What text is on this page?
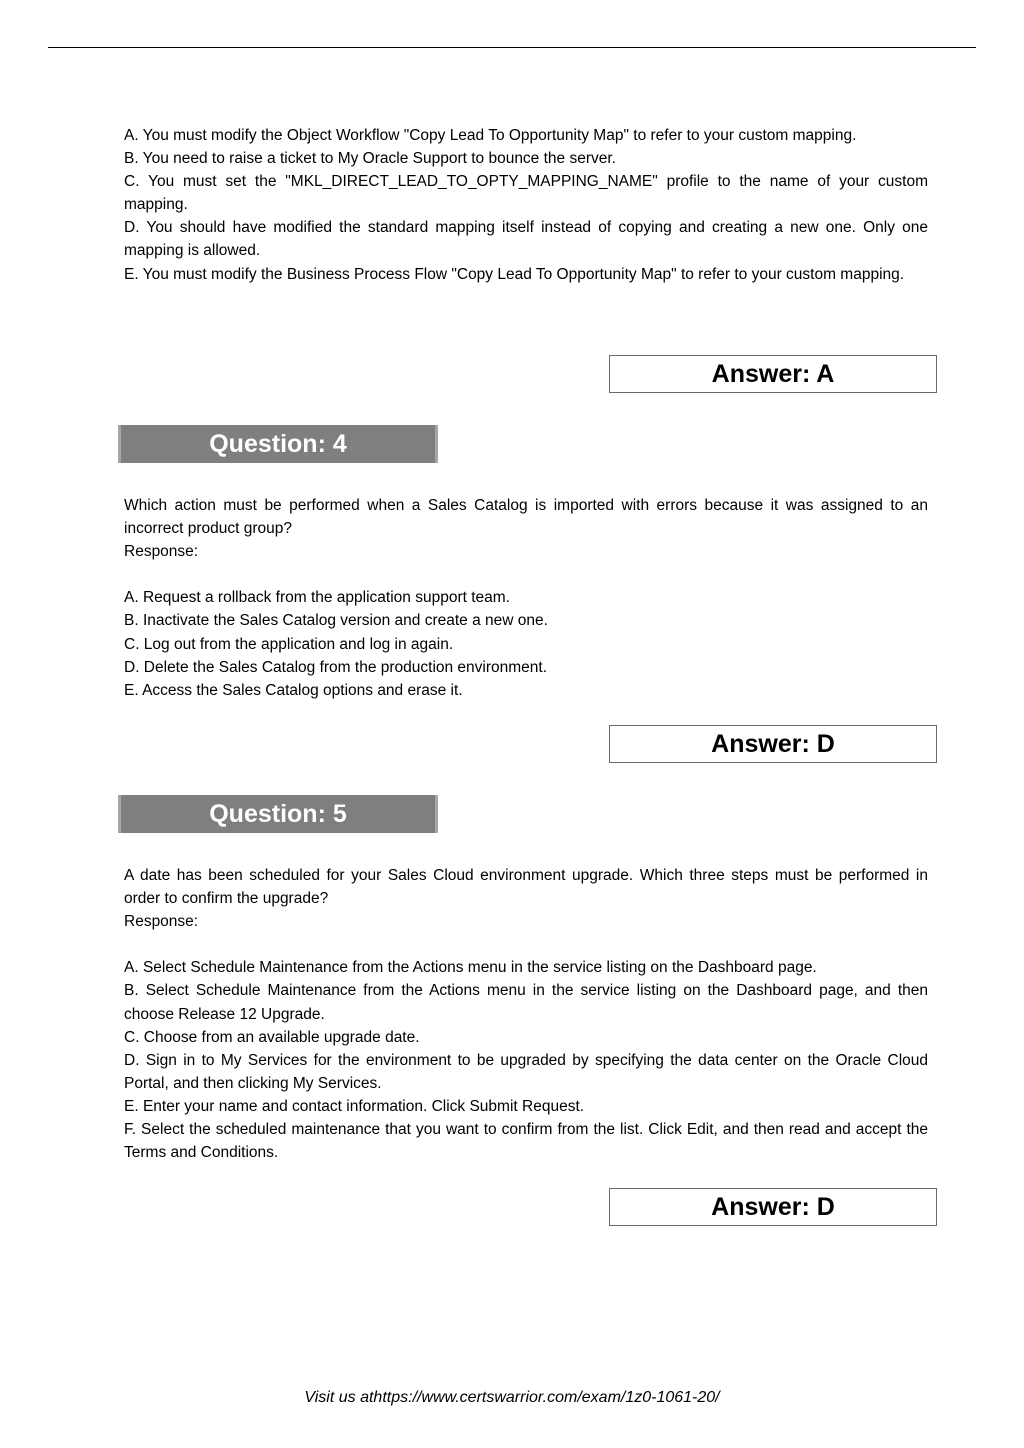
A. You must modify the Object Workflow "Copy Lead To Opportunity Map" to refer to your custom mapping.

B. You need to raise a ticket to My Oracle Support to bounce the server.

C. You must set the "MKL_DIRECT_LEAD_TO_OPTY_MAPPING_NAME" profile to the name of your custom mapping.

D. You should have modified the standard mapping itself instead of copying and creating a new one. Only one mapping is allowed.

E. You must modify the Business Process Flow "Copy Lead To Opportunity Map" to refer to your custom mapping.

Answer: A
Question: 4

Which action must be performed when a Sales Catalog is imported with errors because it was assigned to an incorrect product group?

Response:

A. Request a rollback from the application support team.

B. Inactivate the Sales Catalog version and create a new one.

C. Log out from the application and log in again.

D. Delete the Sales Catalog from the production environment.

E. Access the Sales Catalog options and erase it.

Answer: D
Question: 5

A date has been scheduled for your Sales Cloud environment upgrade. Which three steps must be performed in order to confirm the upgrade?

Response:

A. Select Schedule Maintenance from the Actions menu in the service listing on the Dashboard page.

B. Select Schedule Maintenance from the Actions menu in the service listing on the Dashboard page, and then choose Release 12 Upgrade.

C. Choose from an available upgrade date.

D. Sign in to My Services for the environment to be upgraded by specifying the data center on the Oracle Cloud Portal, and then clicking My Services.

E. Enter your name and contact information. Click Submit Request.

F. Select the scheduled maintenance that you want to confirm from the list. Click Edit, and then read and accept the Terms and Conditions.

Answer: D
Visit us athttps://www.certswarrior.com/exam/1z0-1061-20/
